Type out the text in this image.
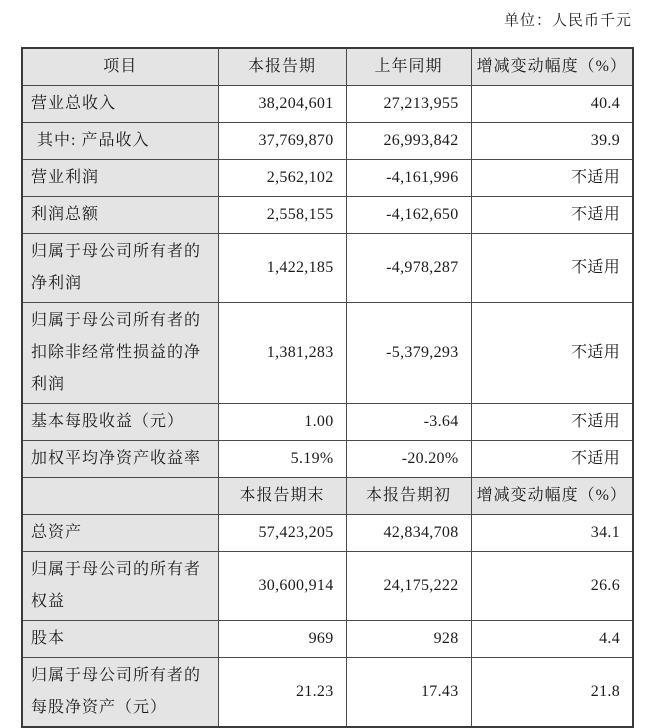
单位：人民币千元
项目	本报告期	上年同期	增减变动幅度（%）
营业总收入	38,204,601	27,213,955	40.4
其中: 产品收入	37,769,870	26,993,842	39.9
营业利润	2,562,102	-4,161,996	不适用
利润总额	2,558,155	-4,162,650	不适用
归属于母公司所有者的净利润	1,422,185	-4,978,287	不适用
归属于母公司所有者的扣除非经常性损益的净利润	1,381,283	-5,379,293	不适用
基本每股收益（元）	1.00	-3.64	不适用
加权平均净资产收益率	5.19%	-20.20%	不适用
	本报告期末	本报告期初	增减变动幅度（%）
总资产	57,423,205	42,834,708	34.1
归属于母公司的所有者权益	30,600,914	24,175,222	26.6
股本	969	928	4.4
归属于母公司所有者的每股净资产（元）	21.23	17.43	21.8
